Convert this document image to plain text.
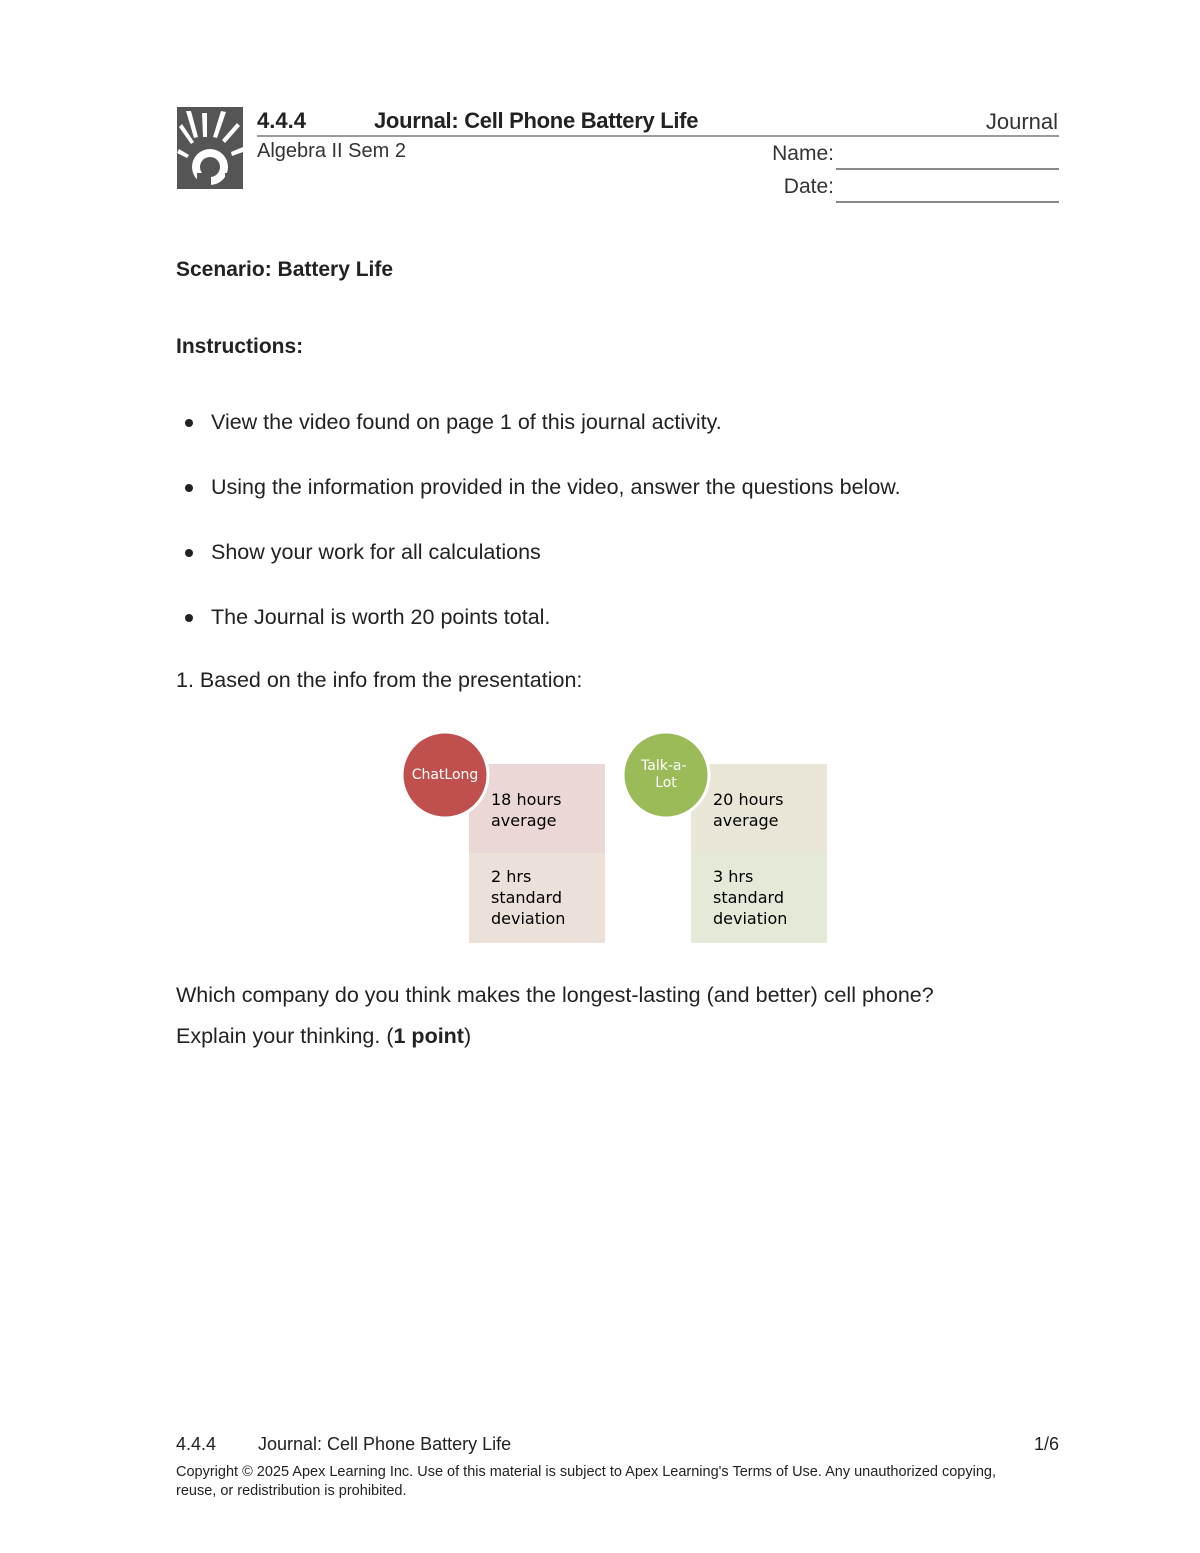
4.4.4	Journal: Cell Phone Battery Life	Journal
Algebra II Sem 2	Name:
Date:
Scenario: Battery Life
Instructions:
View the video found on page 1 of this journal activity.
Using the information provided in the video, answer the questions below.
Show your work for all calculations
The Journal is worth 20 points total.
1. Based on the info from the presentation:
ChatLong
18 hours average
2 hrs standard deviation
Talk-a- Lot
20 hours average
3 hrs standard deviation
Which company do you think makes the longest-lasting (and better) cell phone?
Explain your thinking. (1 point)
4.4.4 Journal: Cell Phone Battery Life	1/6
Copyright © 2025 Apex Learning Inc. Use of this material is subject to Apex Learning's Terms of Use. Any unauthorized copying, reuse, or redistribution is prohibited.
